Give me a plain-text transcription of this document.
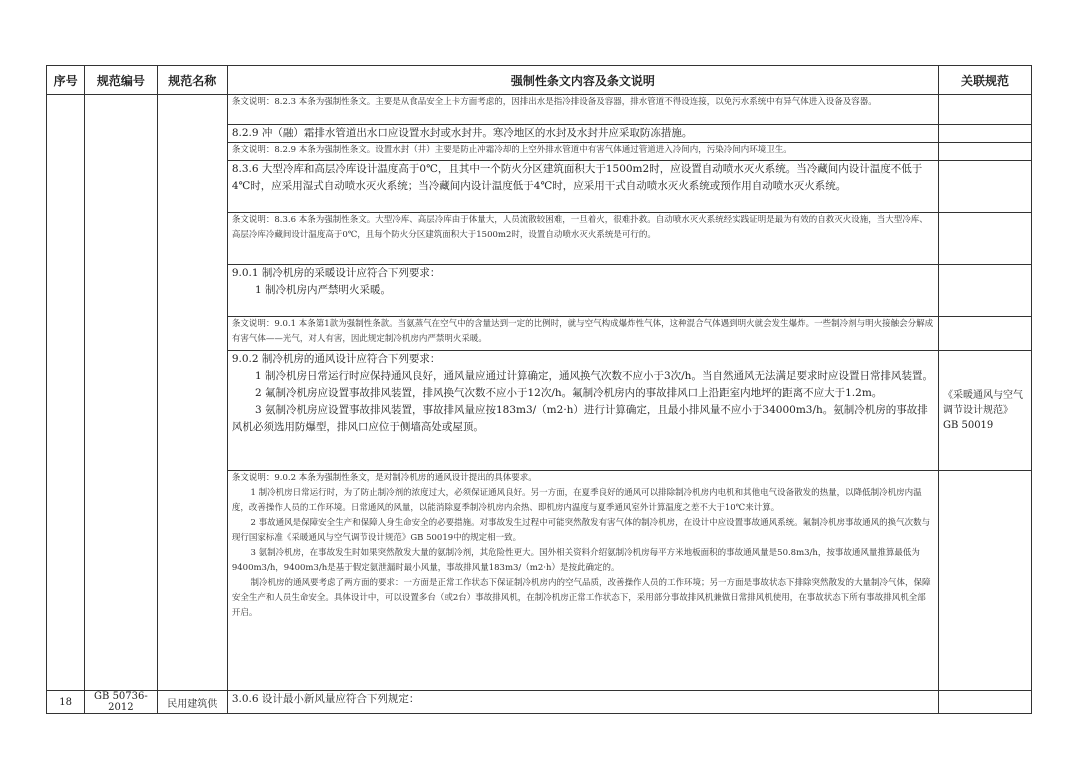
序号	规范编号	规范名称	强制性条文内容及条文说明	关联规范

			条文说明：8.2.3 本条为强制性条文。主要是从食品安全上卡方面考虑的，因排出水是指冷排设备及容器，排水管道不得设连接，以免污水系统中有异气体进入设备及容器。	

			8.2.9 冲（融）霜排水管道出水口应设置水封或水封井。寒冷地区的水封及水封井应采取防冻措施。	

			条文说明：8.2.9 本条为强制性条文。设置水封（井）主要是防止冲霜冷却的上空外排水管道中有害气体通过管道进入冷间内，污染冷间内环境卫生。	

			8.3.6 大型冷库和高层冷库设计温度高于0℃，且其中一个防火分区建筑面积大于1500m2时，应设置自动喷水灭火系统。当冷藏间内设计温度不低于4℃时，应采用湿式自动喷水灭火系统；当冷藏间内设计温度低于4℃时，应采用干式自动喷水灭火系统或预作用自动喷水灭火系统。	

			条文说明：8.3.6 本条为强制性条文。大型冷库、高层冷库由于体量大，人员流散较困难，一旦着火，很难扑救。自动喷水灭火系统经实践证明是最为有效的自救灭火设施，当大型冷库、高层冷库冷藏间设计温度高于0℃，且每个防火分区建筑面积大于1500m2时，设置自动喷水灭火系统是可行的。	

			9.0.1 制冷机房的采暖设计应符合下列要求：

1 制冷机房内严禁明火采暖。	

			条文说明：9.0.1 本条第1款为强制性条款。当氨蒸气在空气中的含量达到一定的比例时，就与空气构成爆炸性气体，这种混合气体遇到明火就会发生爆炸。一些制冷剂与明火接触会分解成有害气体——光气，对人有害，因此规定制冷机房内严禁明火采暖。	

			9.0.2 制冷机房的通风设计应符合下列要求：

1 制冷机房日常运行时应保持通风良好，通风量应通过计算确定，通风换气次数不应小于3次/h。当自然通风无法满足要求时应设置日常排风装置。

2 氟制冷机房应设置事故排风装置，排风换气次数不应小于12次/h。氟制冷机房内的事故排风口上沿距室内地坪的距离不应大于1.2m。

3 氨制冷机房应设置事故排风装置，事故排风量应按183m3/（m2·h）进行计算确定，且最小排风量不应小于34000m3/h。氨制冷机房的事故排风机必须选用防爆型，排风口应位于侧墙高处或屋顶。	《采暖通风与空气调节设计规范》GB 50019

			条文说明：9.0.2 本条为强制性条文，是对制冷机房的通风设计提出的具体要求。

1 制冷机房日常运行时，为了防止制冷剂的浓度过大，必须保证通风良好。另一方面，在夏季良好的通风可以排除制冷机房内电机和其他电气设备散发的热量，以降低制冷机房内温度，改善操作人员的工作环境。日常通风的风量，以能消除夏季制冷机房内余热、即机房内温度与夏季通风室外计算温度之差不大于10℃来计算。

2 事故通风是保障安全生产和保障人身生命安全的必要措施。对事故发生过程中可能突然散发有害气体的制冷机房，在设计中应设置事故通风系统。氟制冷机房事故通风的换气次数与现行国家标准《采暖通风与空气调节设计规范》GB 50019中的规定相一致。

3 氨制冷机房，在事故发生时如果突然散发大量的氨制冷剂，其危险性更大。国外相关资料介绍氨制冷机房每平方米地板面积的事故通风量是50.8m3/h，按事故通风量推算最低为9400m3/h，9400m3/h是基于假定氨泄漏时最小风量，事故排风量183m3/（m2·h）是按此确定的。

制冷机房的通风要考虑了两方面的要求：一方面是正常工作状态下保证制冷机房内的空气品质，改善操作人员的工作环境；另一方面是事故状态下排除突然散发的大量制冷气体，保障安全生产和人员生命安全。具体设计中，可以设置多台（或2台）事故排风机，在制冷机房正常工作状态下，采用部分事故排风机兼做日常排风机使用，在事故状态下所有事故排风机全部开启。	

18	GB 50736-2012	民用建筑供	3.0.6 设计最小新风量应符合下列规定：	
